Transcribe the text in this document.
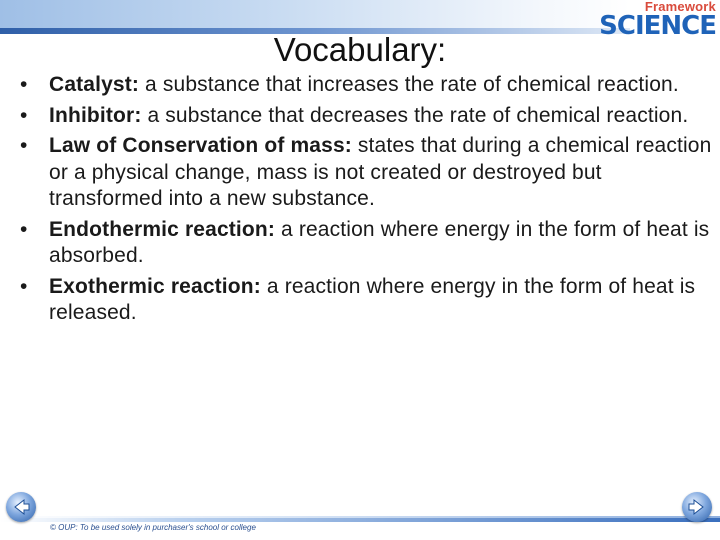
Framework
SCIENCE
Vocabulary:
•	Catalyst: a substance that increases the rate of chemical reaction.
•	Inhibitor: a substance that decreases the rate of chemical reaction.
•	Law of Conservation of mass: states that during a chemical reaction or a physical change, mass is not created or destroyed but transformed into a new substance.
•	Endothermic reaction: a reaction where energy in the form of heat is absorbed.
•	Exothermic reaction: a reaction where energy in the form of heat is released.
© OUP: To be used solely in purchaser's school or college
